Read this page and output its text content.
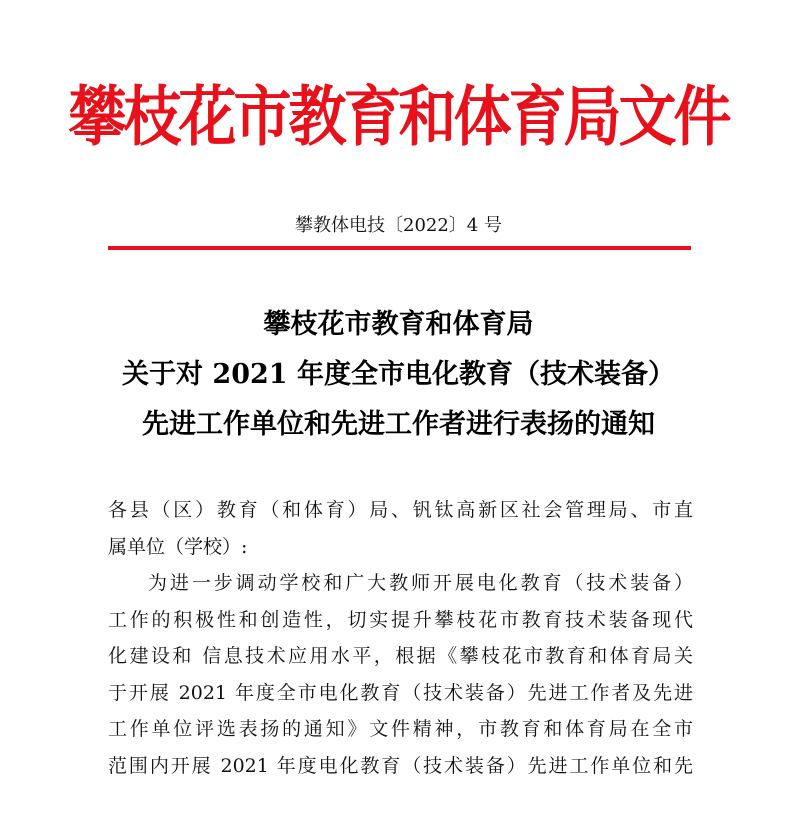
攀枝花市教育和体育局文件
攀教体电技〔2022〕4 号
攀枝花市教育和体育局
关于对 2021 年度全市电化教育（技术装备）
先进工作单位和先进工作者进行表扬的通知
各县（区）教育（和体育）局、钒钛高新区社会管理局、市直
属单位（学校）:
为进一步调动学校和广大教师开展电化教育（技术装备）
工作的积极性和创造性，切实提升攀枝花市教育技术装备现代
化建设和 信息技术应用水平，根据《攀枝花市教育和体育局关
于开展 2021 年度全市电化教育（技术装备）先进工作者及先进
工作单位评选表扬的通知》文件精神，市教育和体育局在全市
范围内开展 2021 年度电化教育（技术装备）先进工作单位和先
